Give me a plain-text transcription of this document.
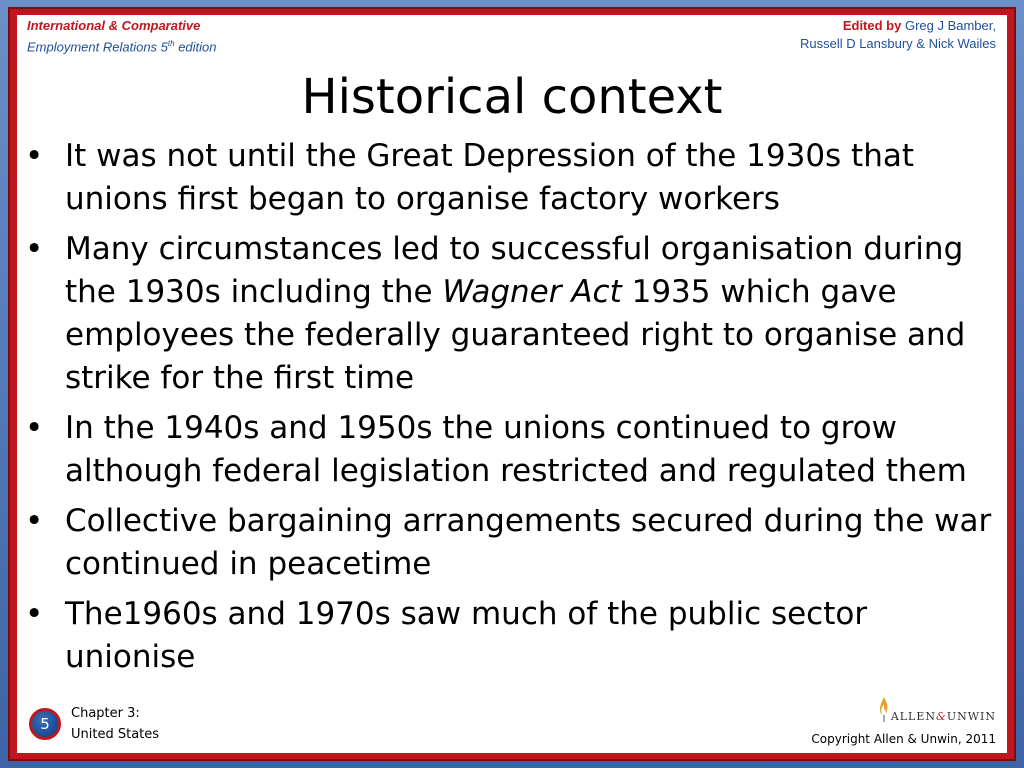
International & Comparative
Employment Relations 5th edition
Edited by Greg J Bamber,
Russell D Lansbury & Nick Wailes
Historical context
• It was not until the Great Depression of the 1930s that unions first began to organise factory workers
• Many circumstances led to successful organisation during the 1930s including the Wagner Act 1935 which gave employees the federally guaranteed right to organise and strike for the first time
• In the 1940s and 1950s the unions continued to grow although federal legislation restricted and regulated them
• Collective bargaining arrangements secured during the war continued in peacetime
• The1960s and 1970s saw much of the public sector unionise
5
Chapter 3:
United States
ALLEN & UNWIN
Copyright Allen & Unwin, 2011
